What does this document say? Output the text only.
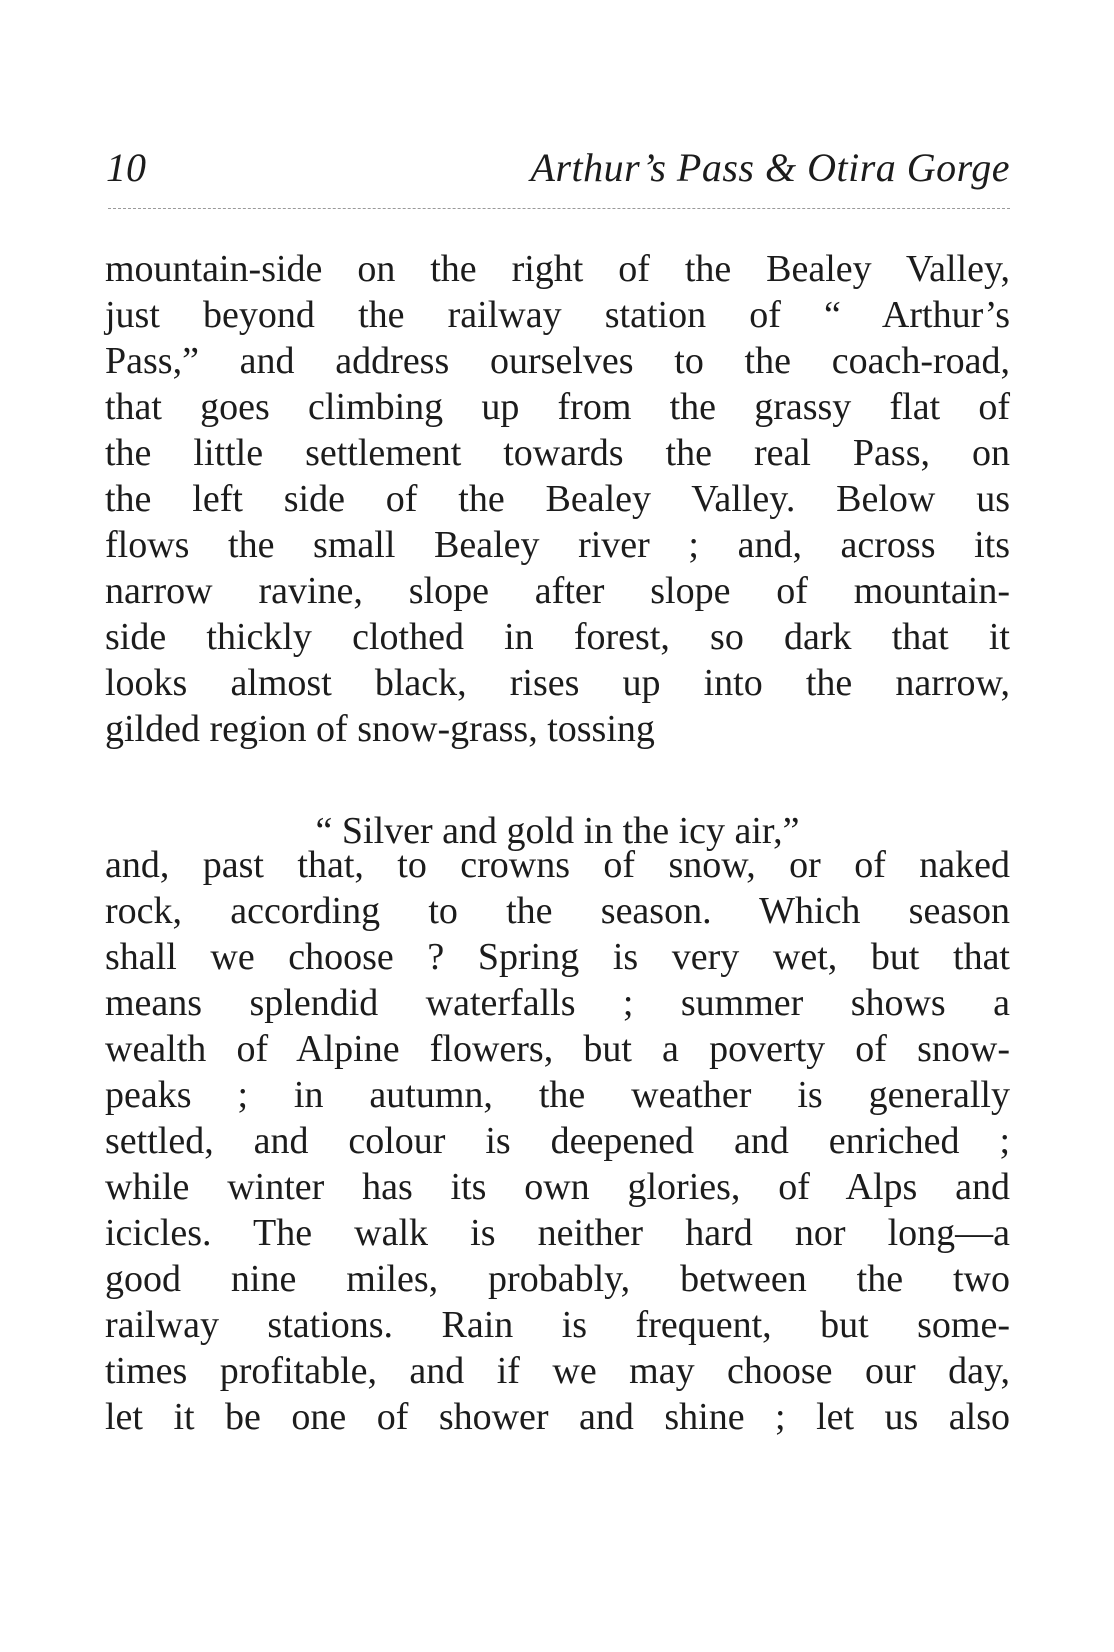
10	Arthur’s Pass & Otira Gorge
mountain-side on the right of the Bealey Valley,
just beyond the railway station of “ Arthur’s
Pass,” and address ourselves to the coach-road,
that goes climbing up from the grassy flat of
the little settlement towards the real Pass, on
the left side of the Bealey Valley. Below us
flows the small Bealey river ; and, across its
narrow ravine, slope after slope of mountain-
side thickly clothed in forest, so dark that it
looks almost black, rises up into the narrow,
gilded region of snow-grass, tossing
“ Silver and gold in the icy air,”
and, past that, to crowns of snow, or of naked
rock, according to the season. Which season
shall we choose ? Spring is very wet, but that
means splendid waterfalls ; summer shows a
wealth of Alpine flowers, but a poverty of snow-
peaks ; in autumn, the weather is generally
settled, and colour is deepened and enriched ;
while winter has its own glories, of Alps and
icicles. The walk is neither hard nor long—a
good nine miles, probably, between the two
railway stations. Rain is frequent, but some-
times profitable, and if we may choose our day,
let it be one of shower and shine ; let us also
